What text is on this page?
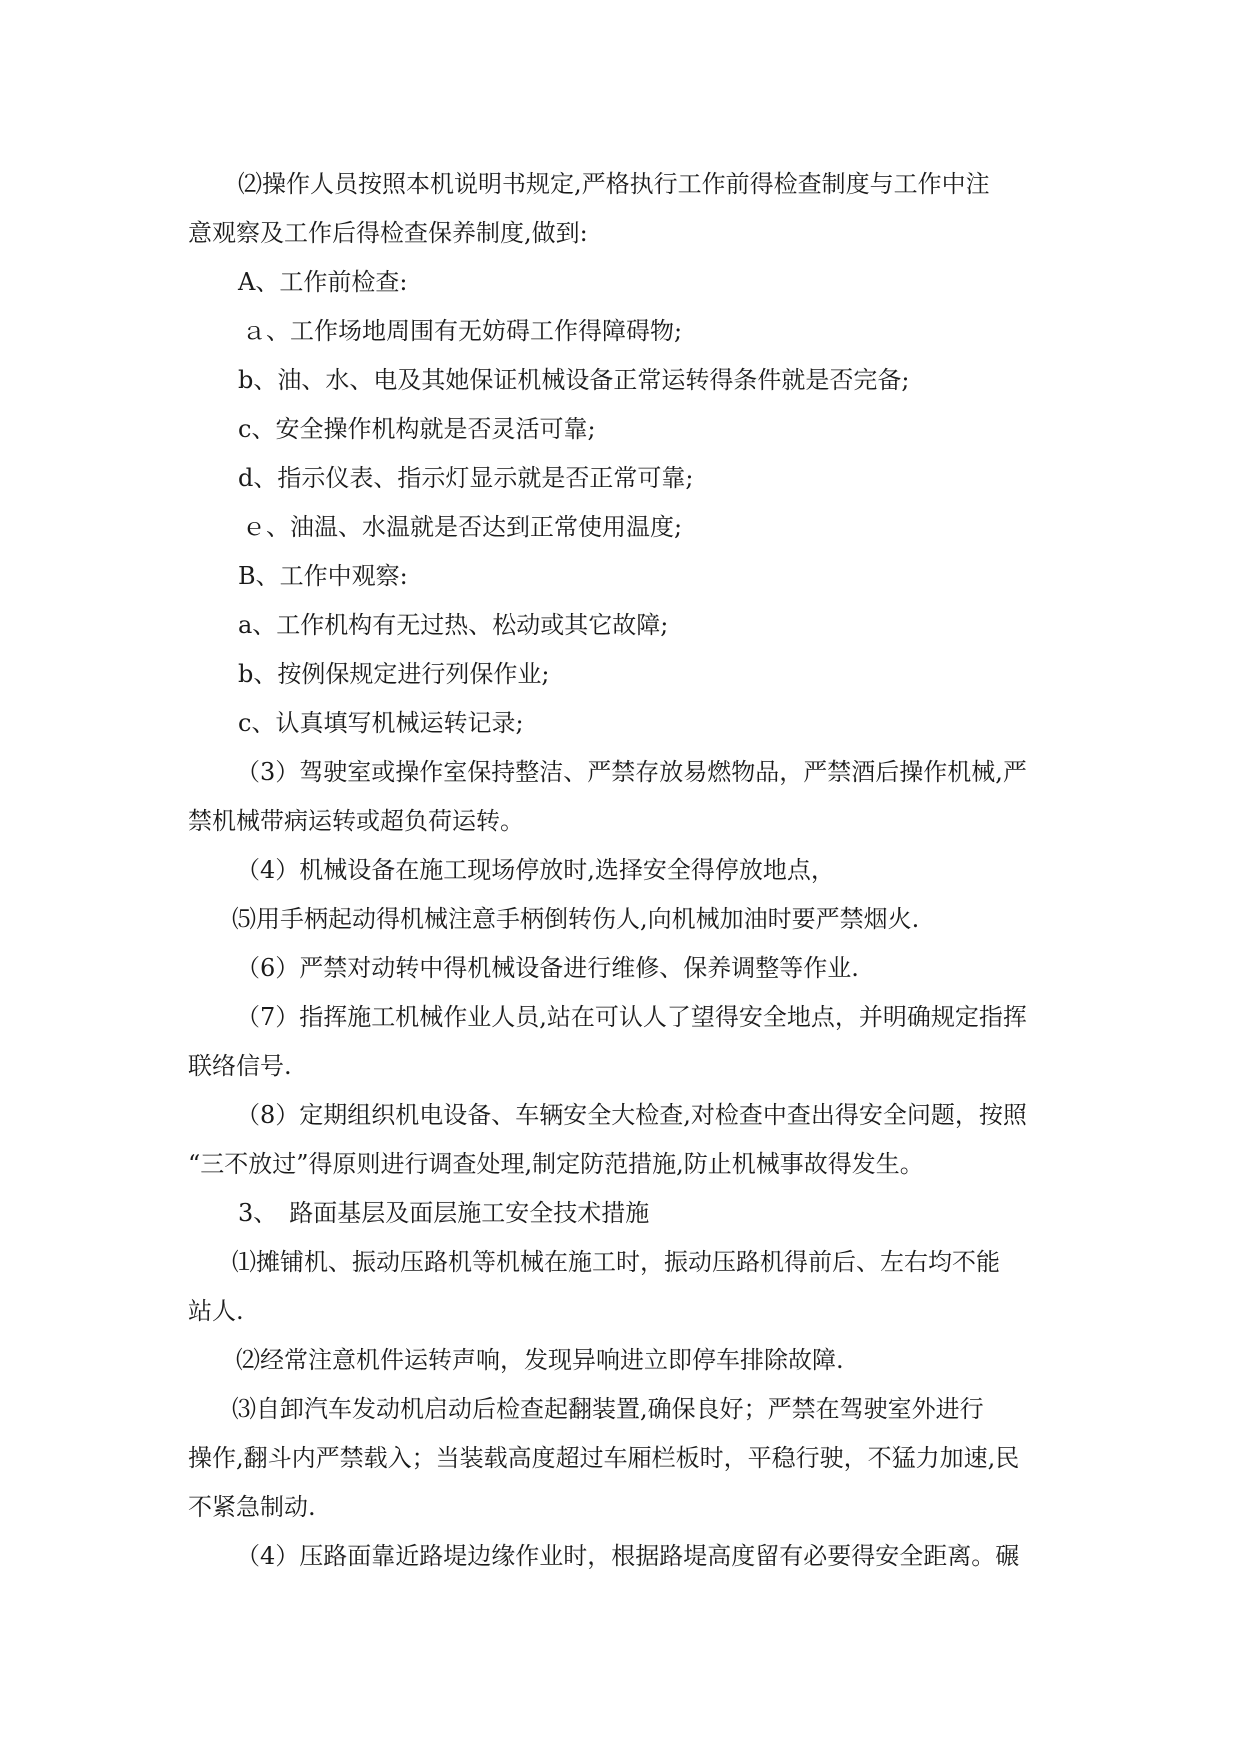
⑵操作人员按照本机说明书规定,严格执行工作前得检查制度与工作中注
意观察及工作后得检查保养制度,做到:
A、工作前检查:
ａ、工作场地周围有无妨碍工作得障碍物;
b、油、水、电及其她保证机械设备正常运转得条件就是否完备;
c、安全操作机构就是否灵活可靠;
d、指示仪表、指示灯显示就是否正常可靠;
ｅ、油温、水温就是否达到正常使用温度;
B、工作中观察:
a、工作机构有无过热、松动或其它故障;
b、按例保规定进行列保作业;
c、认真填写机械运转记录;
（3）驾驶室或操作室保持整洁、严禁存放易燃物品，严禁酒后操作机械,严
禁机械带病运转或超负荷运转。
（4）机械设备在施工现场停放时,选择安全得停放地点，
⑸用手柄起动得机械注意手柄倒转伤人,向机械加油时要严禁烟火.
（6）严禁对动转中得机械设备进行维修、保养调整等作业.
（7）指挥施工机械作业人员,站在可认人了望得安全地点，并明确规定指挥
联络信号.
（8）定期组织机电设备、车辆安全大检查,对检查中查出得安全问题，按照
“三不放过”得原则进行调查处理,制定防范措施,防止机械事故得发生。
3、　路面基层及面层施工安全技术措施
⑴摊铺机、振动压路机等机械在施工时，振动压路机得前后、左右均不能
站人.
⑵经常注意机件运转声响，发现异响进立即停车排除故障.
⑶自卸汽车发动机启动后检查起翻装置,确保良好；严禁在驾驶室外进行
操作,翻斗内严禁载入；当装载高度超过车厢栏板时，平稳行驶，不猛力加速,民
不紧急制动.
（4）压路面靠近路堤边缘作业时，根据路堤高度留有必要得安全距离。碾
